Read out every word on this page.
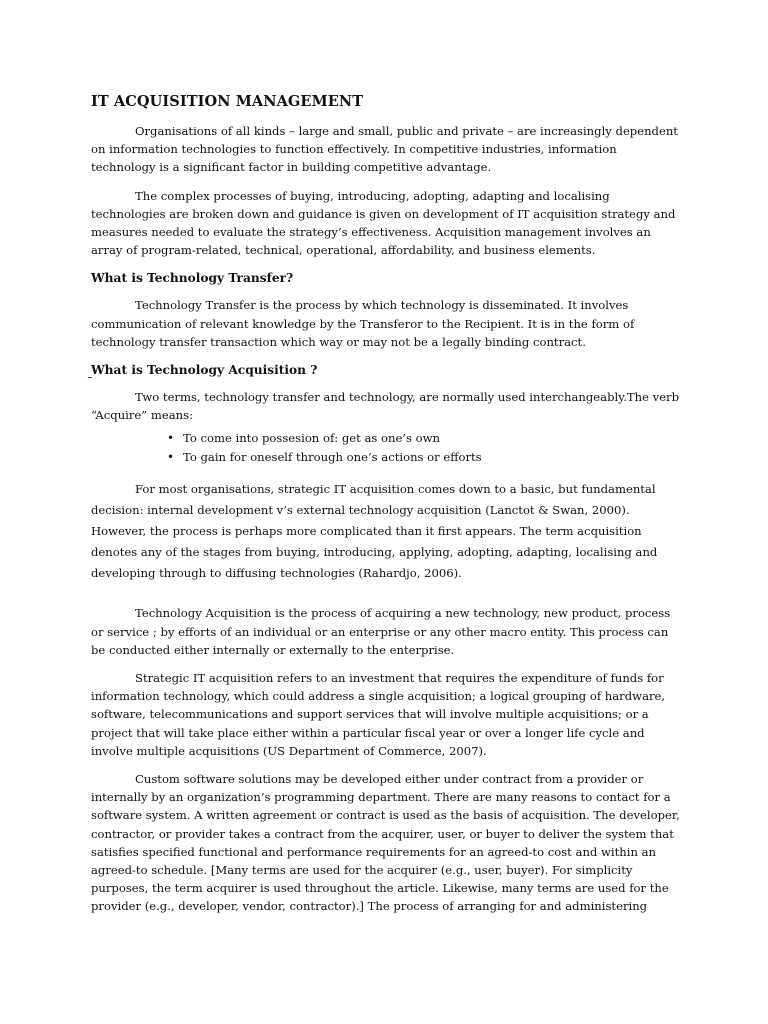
IT ACQUISITION MANAGEMENT

Organisations of all kinds – large and small, public and private – are increasingly dependent on information technologies to function effectively. In competitive industries, information technology is a significant factor in building competitive advantage.

The complex processes of buying, introducing, adopting, adapting and localising technologies are broken down and guidance is given on development of IT acquisition strategy and measures needed to evaluate the strategy’s effectiveness. Acquisition management involves an array of program-related, technical, operational, affordability, and business elements.

What is Technology Transfer?

Technology Transfer is the process by which technology is disseminated. It involves communication of relevant knowledge by the Transferor to the Recipient. It is in the form of technology transfer transaction which way or may not be a legally binding contract.

What is Technology Acquisition ?

Two terms, technology transfer and technology, are normally used interchangeably.The verb “Acquire” means:

• To come into possesion of: get as one’s own
• To gain for oneself through one’s actions or efforts

For most organisations, strategic IT acquisition comes down to a basic, but fundamental decision: internal development v’s external technology acquisition (Lanctot & Swan, 2000). However, the process is perhaps more complicated than it first appears. The term acquisition denotes any of the stages from buying, introducing, applying, adopting, adapting, localising and developing through to diffusing technologies (Rahardjo, 2006).

Technology Acquisition is the process of acquiring a new technology, new product, process or service ; by efforts of an individual or an enterprise or any other macro entity. This process can be conducted either internally or externally to the enterprise.

Strategic IT acquisition refers to an investment that requires the expenditure of funds for information technology, which could address a single acquisition; a logical grouping of hardware, software, telecommunications and support services that will involve multiple acquisitions; or a project that will take place either within a particular fiscal year or over a longer life cycle and involve multiple acquisitions (US Department of Commerce, 2007).

Custom software solutions may be developed either under contract from a provider or internally by an organization’s programming department. There are many reasons to contact for a software system. A written agreement or contract is used as the basis of acquisition. The developer, contractor, or provider takes a contract from the acquirer, user, or buyer to deliver the system that satisfies specified functional and performance requirements for an agreed-to cost and within an agreed-to schedule. [Many terms are used for the acquirer (e.g., user, buyer). For simplicity purposes, the term acquirer is used throughout the article. Likewise, many terms are used for the provider (e.g., developer, vendor, contractor).] The process of arranging for and administering
